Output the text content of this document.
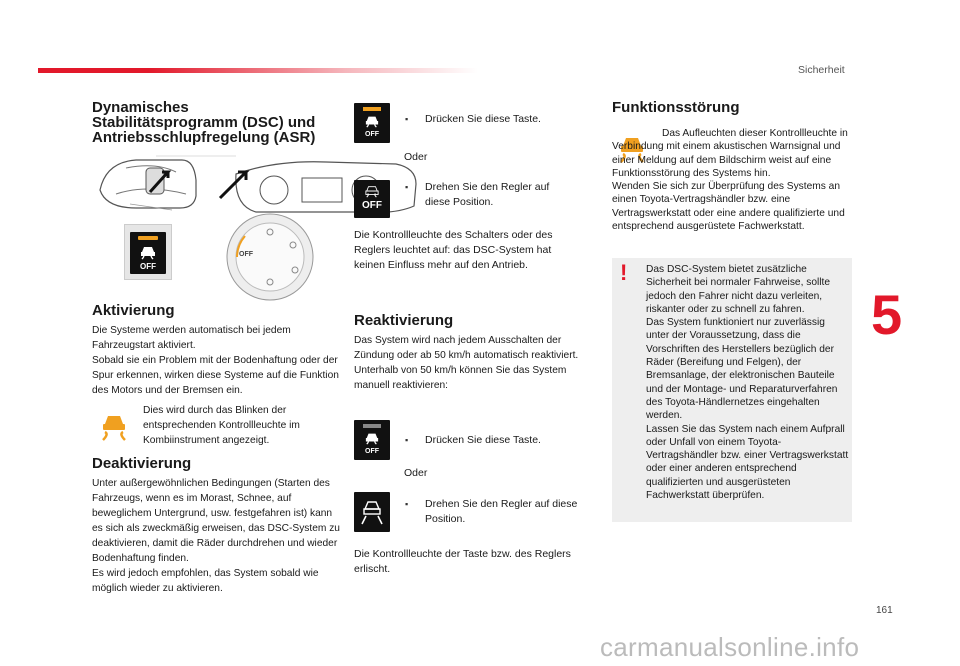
Sicherheit
5
161
Dynamisches Stabilitätsprogramm (DSC) und Antriebsschlupfregelung (ASR)
OFF
OFF
Aktivierung
Die Systeme werden automatisch bei jedem Fahrzeugstart aktiviert.
Sobald sie ein Problem mit der Bodenhaftung oder der Spur erkennen, wirken diese Systeme auf die Funktion des Motors und der Bremsen ein.
Dies wird durch das Blinken der entsprechenden Kontrollleuchte im Kombiinstrument angezeigt.
Deaktivierung
Unter außergewöhnlichen Bedingungen (Starten des Fahrzeugs, wenn es im Morast, Schnee, auf beweglichem Untergrund, usw. festgefahren ist) kann es sich als zweckmäßig erweisen, das DSC-System zu deaktivieren, damit die Räder durchdrehen und wieder Bodenhaftung finden.
Es wird jedoch empfohlen, das System sobald wie möglich wieder zu aktivieren.
OFF
▪ Drücken Sie diese Taste.
Oder
OFF
▪ Drehen Sie den Regler auf diese Position.
Die Kontrollleuchte des Schalters oder des Reglers leuchtet auf: das DSC-System hat keinen Einfluss mehr auf den Antrieb.
Reaktivierung
Das System wird nach jedem Ausschalten der Zündung oder ab 50 km/h automatisch reaktiviert.
Unterhalb von 50 km/h können Sie das System manuell reaktivieren:
OFF
▪ Drücken Sie diese Taste.
Oder
▪ Drehen Sie den Regler auf diese Position.
Die Kontrollleuchte der Taste bzw. des Reglers erlischt.
Funktionsstörung
Das Aufleuchten dieser Kontrollleuchte in Verbindung mit einem akustischen Warnsignal und einer Meldung auf dem Bildschirm weist auf eine Funktionsstörung des Systems hin.
Wenden Sie sich zur Überprüfung des Systems an einen Toyota-Vertragshändler bzw. eine Vertragswerkstatt oder eine andere qualifizierte und entsprechend ausgerüstete Fachwerkstatt.
! Das DSC-System bietet zusätzliche Sicherheit bei normaler Fahrweise, sollte jedoch den Fahrer nicht dazu verleiten, riskanter oder zu schnell zu fahren.
Das System funktioniert nur zuverlässig unter der Voraussetzung, dass die Vorschriften des Herstellers bezüglich der Räder (Bereifung und Felgen), der Bremsanlage, der elektronischen Bauteile und der Montage- und Reparaturverfahren des Toyota-Händlernetzes eingehalten werden.
Lassen Sie das System nach einem Aufprall oder Unfall von einem Toyota-Vertragshändler bzw. einer Vertragswerkstatt oder einer anderen entsprechend qualifizierten und ausgerüsteten Fachwerkstatt überprüfen.
carmanualsonline.info
